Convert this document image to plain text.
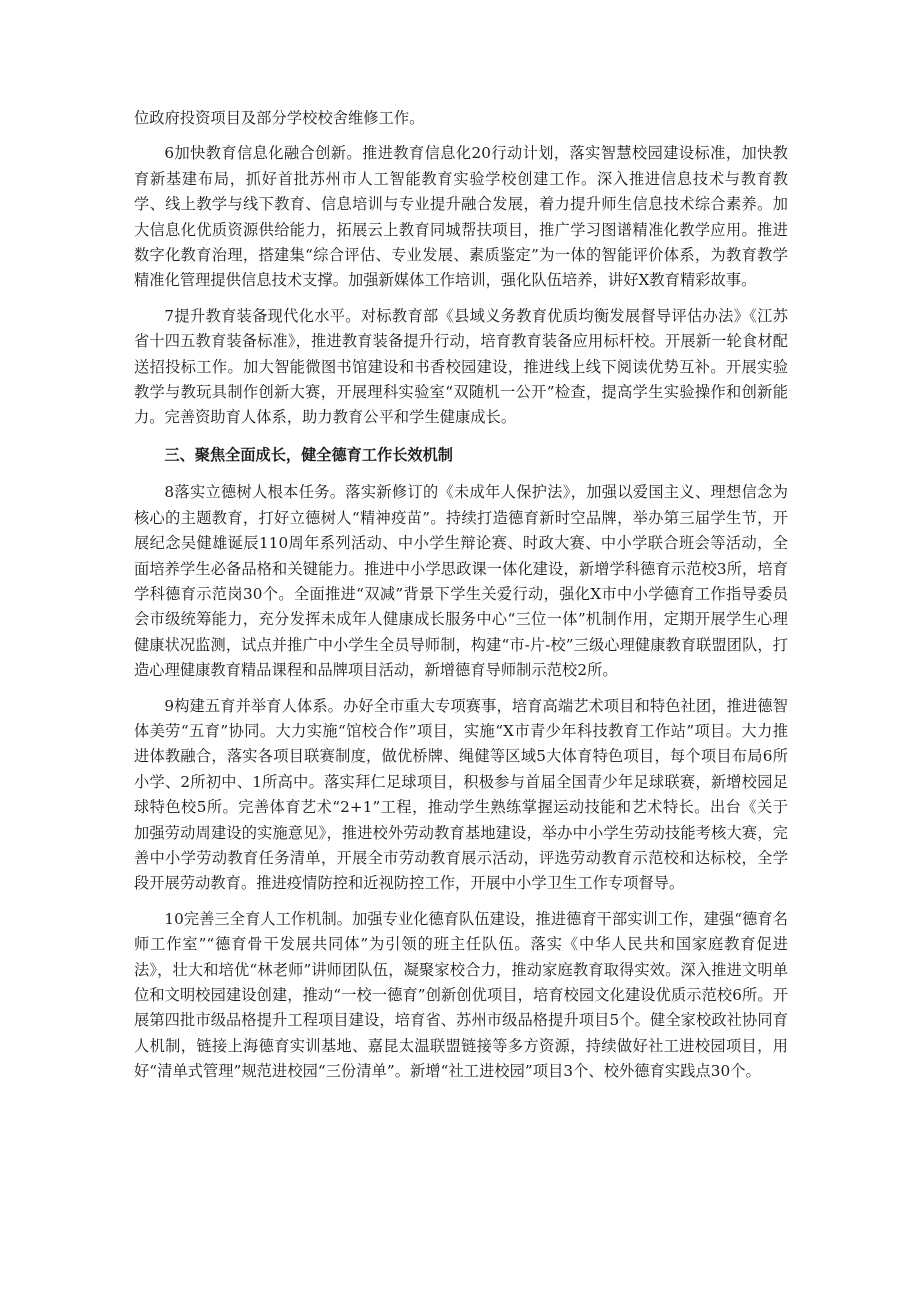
位政府投资项目及部分学校校舍维修工作。

6加快教育信息化融合创新。推进教育信息化20行动计划，落实智慧校园建设标准，加快教育新基建布局，抓好首批苏州市人工智能教育实验学校创建工作。深入推进信息技术与教育教学、线上教学与线下教育、信息培训与专业提升融合发展，着力提升师生信息技术综合素养。加大信息化优质资源供给能力，拓展云上教育同城帮扶项目，推广学习图谱精准化教学应用。推进数字化教育治理，搭建集“综合评估、专业发展、素质鉴定”为一体的智能评价体系，为教育教学精准化管理提供信息技术支撑。加强新媒体工作培训，强化队伍培养，讲好X教育精彩故事。

7提升教育装备现代化水平。对标教育部《县域义务教育优质均衡发展督导评估办法》《江苏省十四五教育装备标准》，推进教育装备提升行动，培育教育装备应用标杆校。开展新一轮食材配送招投标工作。加大智能微图书馆建设和书香校园建设，推进线上线下阅读优势互补。开展实验教学与教玩具制作创新大赛，开展理科实验室“双随机一公开”检查，提高学生实验操作和创新能力。完善资助育人体系，助力教育公平和学生健康成长。

三、聚焦全面成长，健全德育工作长效机制

8落实立德树人根本任务。落实新修订的《未成年人保护法》，加强以爱国主义、理想信念为核心的主题教育，打好立德树人“精神疫苗”。持续打造德育新时空品牌，举办第三届学生节，开展纪念吴健雄诞辰110周年系列活动、中小学生辩论赛、时政大赛、中小学联合班会等活动，全面培养学生必备品格和关键能力。推进中小学思政课一体化建设，新增学科德育示范校3所，培育学科德育示范岗30个。全面推进“双减”背景下学生关爱行动，强化X市中小学德育工作指导委员会市级统筹能力，充分发挥未成年人健康成长服务中心“三位一体”机制作用，定期开展学生心理健康状况监测，试点并推广中小学生全员导师制，构建“市-片-校”三级心理健康教育联盟团队，打造心理健康教育精品课程和品牌项目活动，新增德育导师制示范校2所。

9构建五育并举育人体系。办好全市重大专项赛事，培育高端艺术项目和特色社团，推进德智体美劳“五育”协同。大力实施“馆校合作”项目，实施“X市青少年科技教育工作站”项目。大力推进体教融合，落实各项目联赛制度，做优桥牌、绳健等区域5大体育特色项目，每个项目布局6所小学、2所初中、1所高中。落实拜仁足球项目，积极参与首届全国青少年足球联赛，新增校园足球特色校5所。完善体育艺术“2+1”工程，推动学生熟练掌握运动技能和艺术特长。出台《关于加强劳动周建设的实施意见》，推进校外劳动教育基地建设，举办中小学生劳动技能考核大赛，完善中小学劳动教育任务清单，开展全市劳动教育展示活动，评选劳动教育示范校和达标校，全学段开展劳动教育。推进疫情防控和近视防控工作，开展中小学卫生工作专项督导。

10完善三全育人工作机制。加强专业化德育队伍建设，推进德育干部实训工作，建强“德育名师工作室”“德育骨干发展共同体”为引领的班主任队伍。落实《中华人民共和国家庭教育促进法》，壮大和培优“林老师”讲师团队伍，凝聚家校合力，推动家庭教育取得实效。深入推进文明单位和文明校园建设创建，推动“一校一德育”创新创优项目，培育校园文化建设优质示范校6所。开展第四批市级品格提升工程项目建设，培育省、苏州市级品格提升项目5个。健全家校政社协同育人机制，链接上海德育实训基地、嘉昆太温联盟链接等多方资源，持续做好社工进校园项目，用好“清单式管理”规范进校园“三份清单”。新增“社工进校园”项目3个、校外德育实践点30个。
